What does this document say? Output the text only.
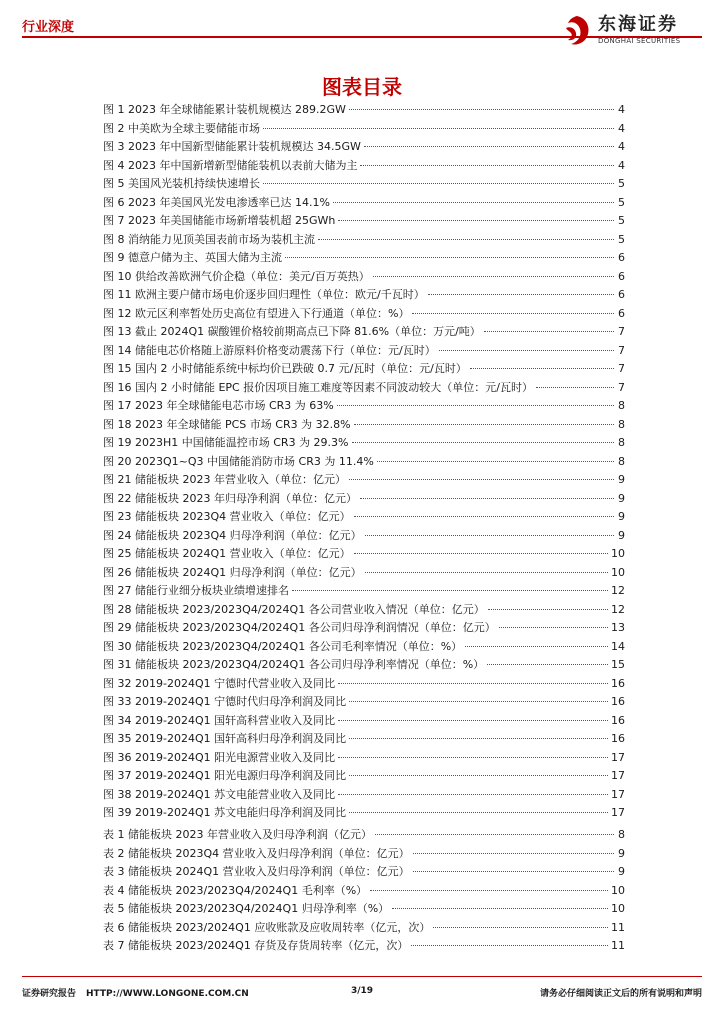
行业深度	东海证券
DONGHAI SECURITIES
图表目录
图 1 2023 年全球储能累计装机规模达 289.2GW	4
图 2 中美欧为全球主要储能市场	4
图 3 2023 年中国新型储能累计装机规模达 34.5GW	4
图 4 2023 年中国新增新型储能装机以表前大储为主	4
图 5 美国风光装机持续快速增长	5
图 6 2023 年美国风光发电渗透率已达 14.1%	5
图 7 2023 年美国储能市场新增装机超 25GWh	5
图 8 消纳能力见顶美国表前市场为装机主流	5
图 9 德意户储为主、英国大储为主流	6
图 10 供给改善欧洲气价企稳（单位：美元/百万英热）	6
图 11 欧洲主要户储市场电价逐步回归理性（单位：欧元/千瓦时）	6
图 12 欧元区利率暂处历史高位有望进入下行通道（单位：%）	6
图 13 截止 2024Q1 碳酸锂价格较前期高点已下降 81.6%（单位：万元/吨）	7
图 14 储能电芯价格随上游原料价格变动震荡下行（单位：元/瓦时）	7
图 15 国内 2 小时储能系统中标均价已跌破 0.7 元/瓦时（单位：元/瓦时）	7
图 16 国内 2 小时储能 EPC 报价因项目施工难度等因素不同波动较大（单位：元/瓦时）	7
图 17 2023 年全球储能电芯市场 CR3 为 63%	8
图 18 2023 年全球储能 PCS 市场 CR3 为 32.8%	8
图 19 2023H1 中国储能温控市场 CR3 为 29.3%	8
图 20 2023Q1~Q3 中国储能消防市场 CR3 为 11.4%	8
图 21 储能板块 2023 年营业收入（单位：亿元）	9
图 22 储能板块 2023 年归母净利润（单位：亿元）	9
图 23 储能板块 2023Q4 营业收入（单位：亿元）	9
图 24 储能板块 2023Q4 归母净利润（单位：亿元）	9
图 25 储能板块 2024Q1 营业收入（单位：亿元）	10
图 26 储能板块 2024Q1 归母净利润（单位：亿元）	10
图 27 储能行业细分板块业绩增速排名	12
图 28 储能板块 2023/2023Q4/2024Q1 各公司营业收入情况（单位：亿元）	12
图 29 储能板块 2023/2023Q4/2024Q1 各公司归母净利润情况（单位：亿元）	13
图 30 储能板块 2023/2023Q4/2024Q1 各公司毛利率情况（单位：%）	14
图 31 储能板块 2023/2023Q4/2024Q1 各公司归母净利率情况（单位：%）	15
图 32 2019-2024Q1 宁德时代营业收入及同比	16
图 33 2019-2024Q1 宁德时代归母净利润及同比	16
图 34 2019-2024Q1 国轩高科营业收入及同比	16
图 35 2019-2024Q1 国轩高科归母净利润及同比	16
图 36 2019-2024Q1 阳光电源营业收入及同比	17
图 37 2019-2024Q1 阳光电源归母净利润及同比	17
图 38 2019-2024Q1 苏文电能营业收入及同比	17
图 39 2019-2024Q1 苏文电能归母净利润及同比	17
表 1 储能板块 2023 年营业收入及归母净利润（亿元）	8
表 2 储能板块 2023Q4 营业收入及归母净利润（单位：亿元）	9
表 3 储能板块 2024Q1 营业收入及归母净利润（单位：亿元）	9
表 4 储能板块 2023/2023Q4/2024Q1 毛利率（%）	10
表 5 储能板块 2023/2023Q4/2024Q1 归母净利率（%）	10
表 6 储能板块 2023/2024Q1 应收账款及应收周转率（亿元，次）	11
表 7 储能板块 2023/2024Q1 存货及存货周转率（亿元，次）	11
证券研究报告 HTTP://WWW.LONGONE.COM.CN	3/19	请务必仔细阅读正文后的所有说明和声明
